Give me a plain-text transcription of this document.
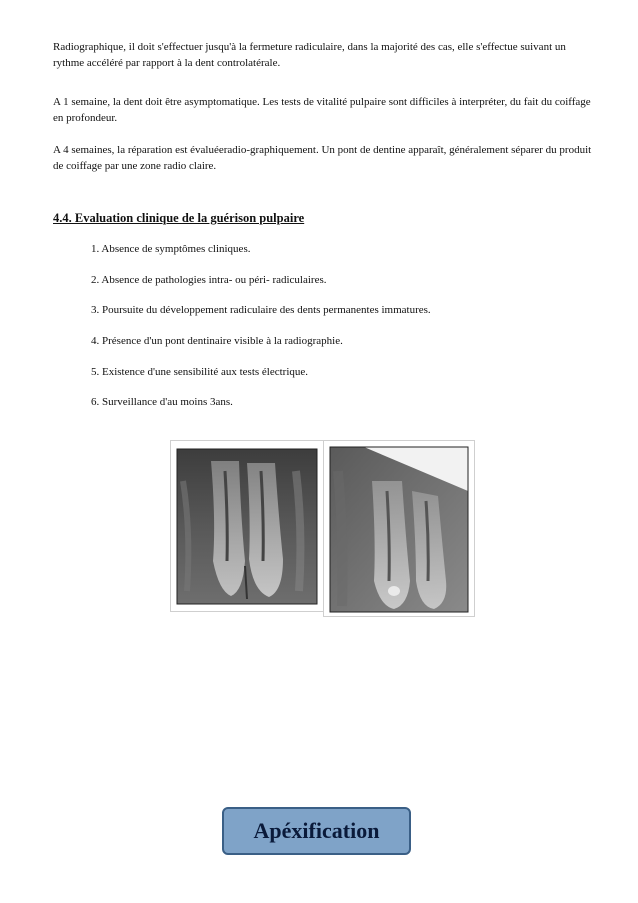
Radiographique, il doit s'effectuer jusqu'à la fermeture radiculaire, dans la majorité des cas, elle s'effectue suivant un rythme accéléré par rapport à la dent controlatérale.

A 1 semaine, la dent doit être asymptomatique. Les tests de vitalité pulpaire sont difficiles à interpréter, du fait du coiffage en profondeur.

A 4 semaines, la réparation est évaluéeradio-graphiquement. Un pont de dentine apparaît, généralement séparer du produit de coiffage par une zone radio claire.

4.4. Evaluation clinique de la guérison pulpaire
1. Absence de symptômes cliniques.
2. Absence de pathologies intra- ou péri- radiculaires.
3. Poursuite du développement radiculaire des dents permanentes immatures.
4. Présence d'un pont dentinaire visible à la radiographie.
5. Existence d'une sensibilité aux tests électrique.
6. Surveillance d'au moins 3ans.
Apéxification
